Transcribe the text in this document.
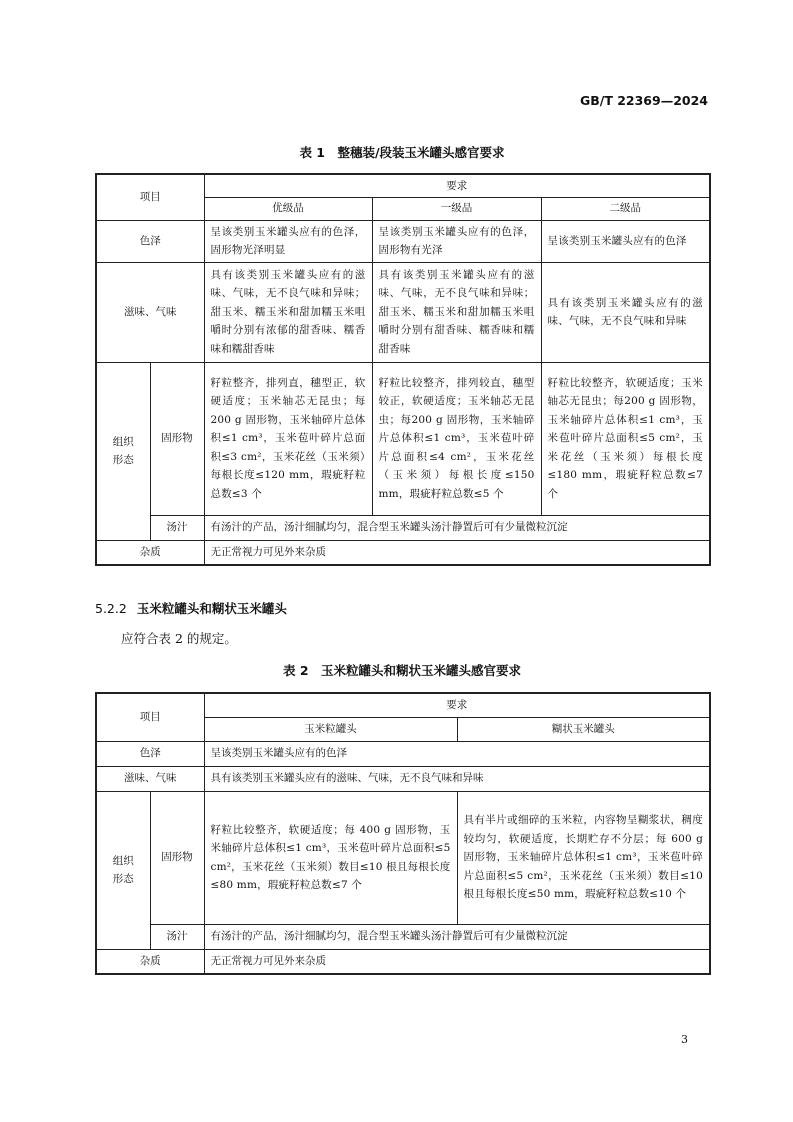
GB/T 22369—2024
表 1　整穗装/段装玉米罐头感官要求
项目		要求		
		优级品	一级品	二级品
色泽		呈该类别玉米罐头应有的色泽，固形物光泽明显	呈该类别玉米罐头应有的色泽，固形物有光泽	呈该类别玉米罐头应有的色泽
滋味、气味		具有该类别玉米罐头应有的滋味、气味，无不良气味和异味；甜玉米、糯玉米和甜加糯玉米咀嚼时分别有浓郁的甜香味、糯香味和糯甜香味	具有该类别玉米罐头应有的滋味、气味，无不良气味和异味；甜玉米、糯玉米和甜加糯玉米咀嚼时分别有甜香味、糯香味和糯甜香味	具有该类别玉米罐头应有的滋味、气味，无不良气味和异味
组织形态	固形物	籽粒整齐，排列直，穗型正，软硬适度；玉米轴芯无昆虫；每200 g 固形物，玉米轴碎片总体积≤1 cm³，玉米苞叶碎片总面积≤3 cm²，玉米花丝（玉米须）每根长度≤120 mm，瑕疵籽粒总数≤3 个	籽粒比较整齐，排列较直，穗型较正，软硬适度；玉米轴芯无昆虫；每200 g 固形物，玉米轴碎片总体积≤1 cm³，玉米苞叶碎片总面积≤4 cm²，玉米花丝（玉米须）每根长度≤150 mm，瑕疵籽粒总数≤5 个	籽粒比较整齐，软硬适度；玉米轴芯无昆虫；每200 g 固形物，玉米轴碎片总体积≤1 cm³，玉米苞叶碎片总面积≤5 cm²，玉米花丝（玉米须）每根长度≤180 mm，瑕疵籽粒总数≤7 个
	汤汁	有汤汁的产品，汤汁细腻均匀，混合型玉米罐头汤汁静置后可有少量微粒沉淀		
杂质		无正常视力可见外来杂质		
5.2.2 玉米粒罐头和糊状玉米罐头
应符合表 2 的规定。
表 2　玉米粒罐头和糊状玉米罐头感官要求
项目		要求	
		玉米粒罐头	糊状玉米罐头
色泽		呈该类别玉米罐头应有的色泽	
滋味、气味		具有该类别玉米罐头应有的滋味、气味，无不良气味和异味	
组织形态	固形物	籽粒比较整齐，软硬适度；每 400 g 固形物，玉米轴碎片总体积≤1 cm³，玉米苞叶碎片总面积≤5 cm²，玉米花丝（玉米须）数目≤10 根且每根长度≤80 mm，瑕疵籽粒总数≤7 个	具有半片或细碎的玉米粒，内容物呈糊浆状，稠度较均匀，软硬适度，长期贮存不分层；每 600 g 固形物，玉米轴碎片总体积≤1 cm³，玉米苞叶碎片总面积≤5 cm²，玉米花丝（玉米须）数目≤10 根且每根长度≤50 mm，瑕疵籽粒总数≤10 个
	汤汁	有汤汁的产品，汤汁细腻均匀，混合型玉米罐头汤汁静置后可有少量微粒沉淀	
杂质		无正常视力可见外来杂质	
3
